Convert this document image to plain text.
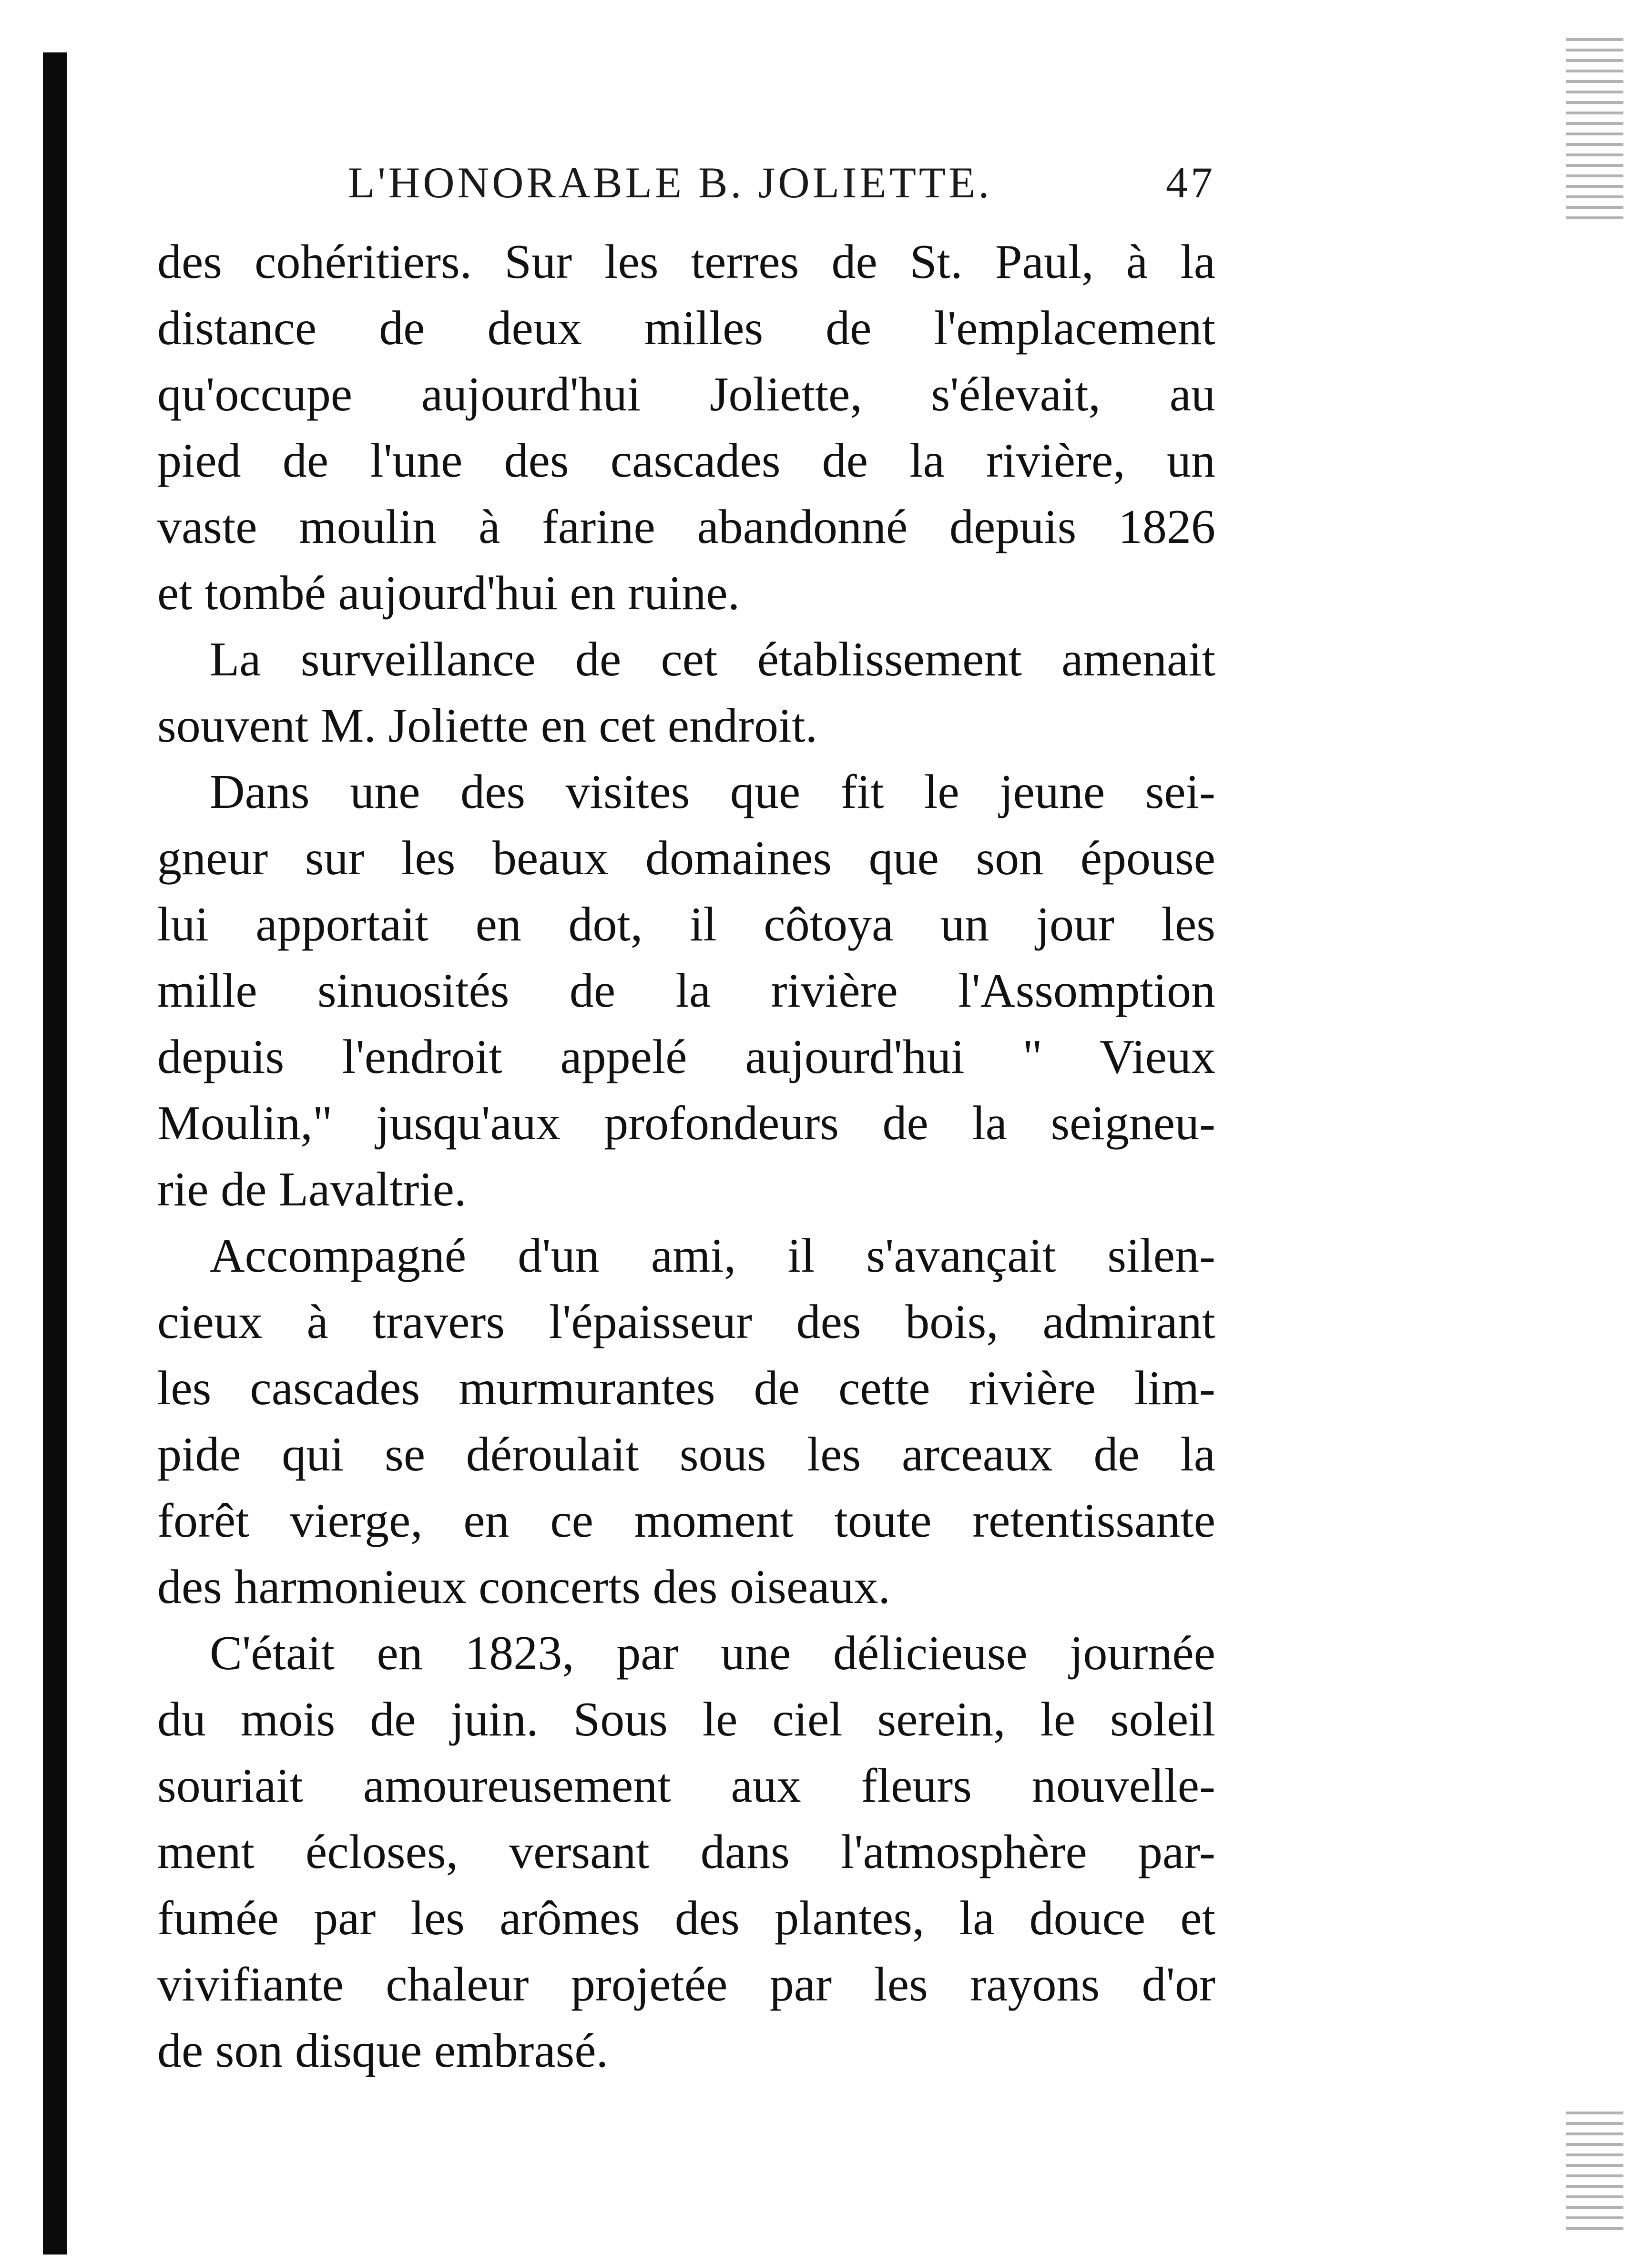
L'HONORABLE B. JOLIETTE.	47

des cohéritiers. Sur les terres de St. Paul, à la
distance de deux milles de l'emplacement
qu'occupe aujourd'hui Joliette, s'élevait, au
pied de l'une des cascades de la rivière, un
vaste moulin à farine abandonné depuis 1826
et tombé aujourd'hui en ruine.

La surveillance de cet établissement amenait
souvent M. Joliette en cet endroit.

Dans une des visites que fit le jeune sei-
gneur sur les beaux domaines que son épouse
lui apportait en dot, il côtoya un jour les
mille sinuosités de la rivière l'Assomption
depuis l'endroit appelé aujourd'hui " Vieux
Moulin," jusqu'aux profondeurs de la seigneu-
rie de Lavaltrie.

Accompagné d'un ami, il s'avançait silen-
cieux à travers l'épaisseur des bois, admirant
les cascades murmurantes de cette rivière lim-
pide qui se déroulait sous les arceaux de la
forêt vierge, en ce moment toute retentissante
des harmonieux concerts des oiseaux.

C'était en 1823, par une délicieuse journée
du mois de juin. Sous le ciel serein, le soleil
souriait amoureusement aux fleurs nouvelle-
ment écloses, versant dans l'atmosphère par-
fumée par les arômes des plantes, la douce et
vivifiante chaleur projetée par les rayons d'or
de son disque embrasé.
